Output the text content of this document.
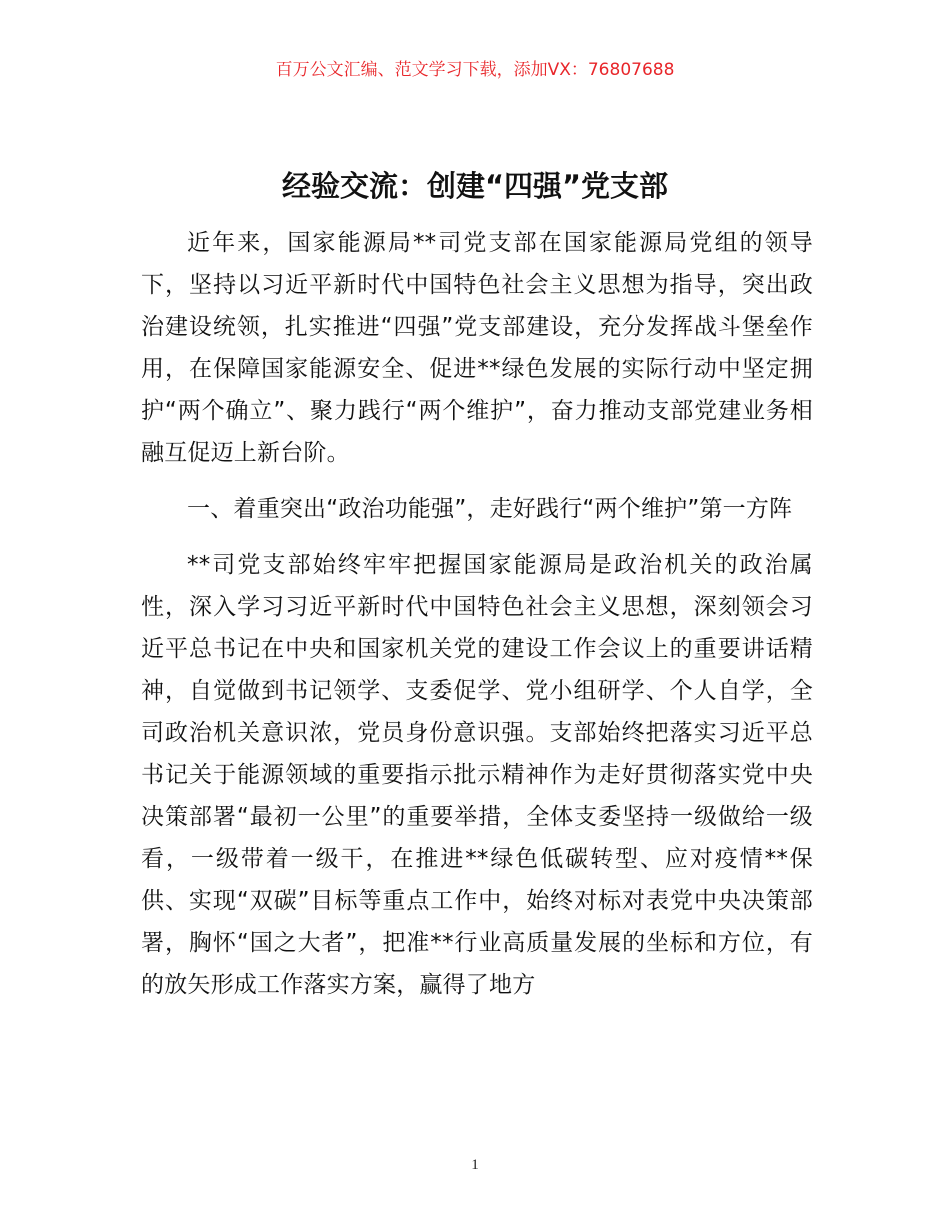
百万公文汇编、范文学习下载，添加VX：76807688
经验交流：创建“四强”党支部

近年来，国家能源局**司党支部在国家能源局党组的领导下，坚持以习近平新时代中国特色社会主义思想为指导，突出政治建设统领，扎实推进“四强”党支部建设，充分发挥战斗堡垒作用，在保障国家能源安全、促进**绿色发展的实际行动中坚定拥护“两个确立”、聚力践行“两个维护”，奋力推动支部党建业务相融互促迈上新台阶。

一、着重突出“政治功能强”，走好践行“两个维护”第一方阵

**司党支部始终牢牢把握国家能源局是政治机关的政治属性，深入学习习近平新时代中国特色社会主义思想，深刻领会习近平总书记在中央和国家机关党的建设工作会议上的重要讲话精神，自觉做到书记领学、支委促学、党小组研学、个人自学，全司政治机关意识浓，党员身份意识强。支部始终把落实习近平总书记关于能源领域的重要指示批示精神作为走好贯彻落实党中央决策部署“最初一公里”的重要举措，全体支委坚持一级做给一级看，一级带着一级干，在推进**绿色低碳转型、应对疫情**保供、实现“双碳”目标等重点工作中，始终对标对表党中央决策部署，胸怀“国之大者”，把准**行业高质量发展的坐标和方位，有的放矢形成工作落实方案，赢得了地方

1
